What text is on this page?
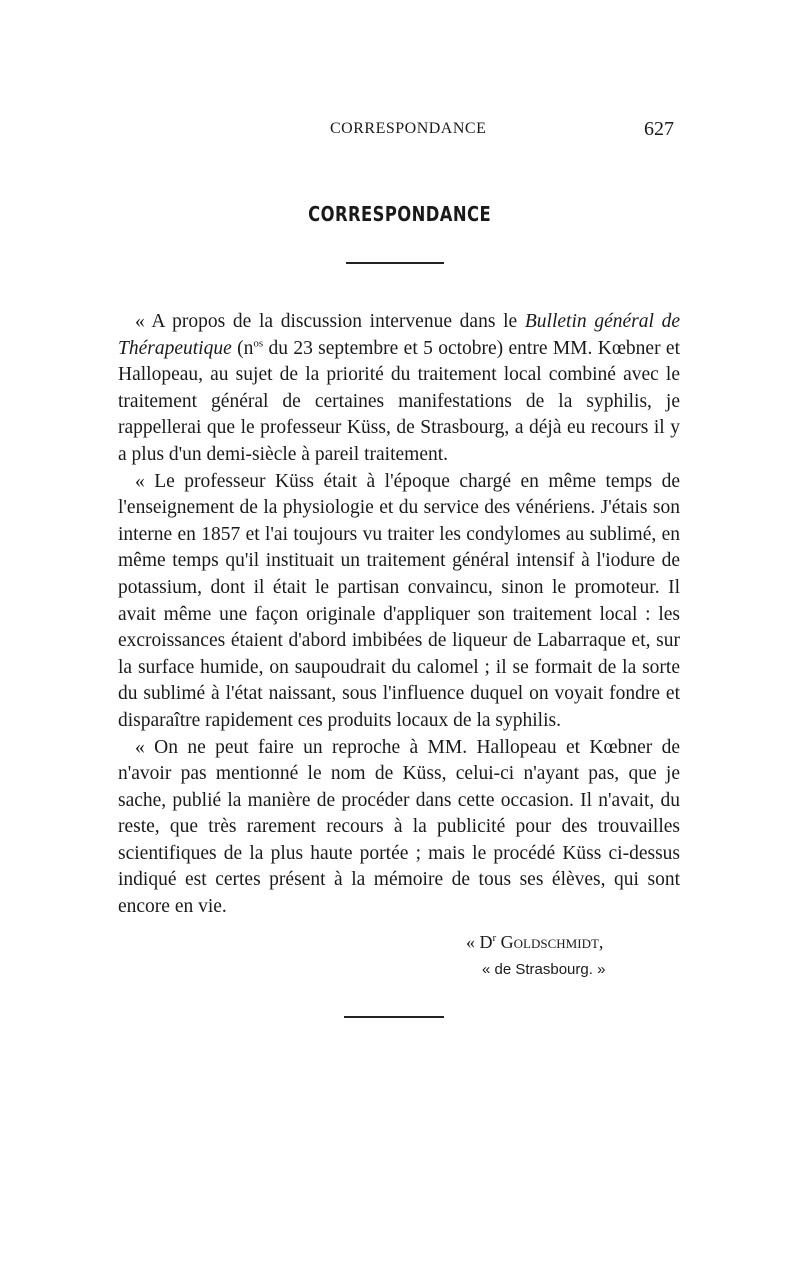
CORRESPONDANCE	627
CORRESPONDANCE

« A propos de la discussion intervenue dans le Bulletin général de Thérapeutique ($n^{os}$ du 23 septembre et 5 octobre) entre MM. Kœbner et Hallopeau, au sujet de la priorité du traitement local combiné avec le traitement général de certaines manifestations de la syphilis, je rappellerai que le professeur Küss, de Strasbourg, a déjà eu recours il y a plus d'un demi-siècle à pareil traitement.

« Le professeur Küss était à l'époque chargé en même temps de l'enseignement de la physiologie et du service des vénériens. J'étais son interne en 1857 et l'ai toujours vu traiter les condylomes au sublimé, en même temps qu'il instituait un traitement général intensif à l'iodure de potassium, dont il était le partisan convaincu, sinon le promoteur. Il avait même une façon originale d'appliquer son traitement local : les excroissances étaient d'abord imbibées de liqueur de Labarraque et, sur la surface humide, on saupoudrait du calomel ; il se formait de la sorte du sublimé à l'état naissant, sous l'influence duquel on voyait fondre et disparaître rapidement ces produits locaux de la syphilis.

« On ne peut faire un reproche à MM. Hallopeau et Kœbner de n'avoir pas mentionné le nom de Küss, celui-ci n'ayant pas, que je sache, publié la manière de procéder dans cette occasion. Il n'avait, du reste, que très rarement recours à la publicité pour des trouvailles scientifiques de la plus haute portée ; mais le procédé Küss ci-dessus indiqué est certes présent à la mémoire de tous ses élèves, qui sont encore en vie.

« $D^r$ Goldschmidt,
« de Strasbourg. »
